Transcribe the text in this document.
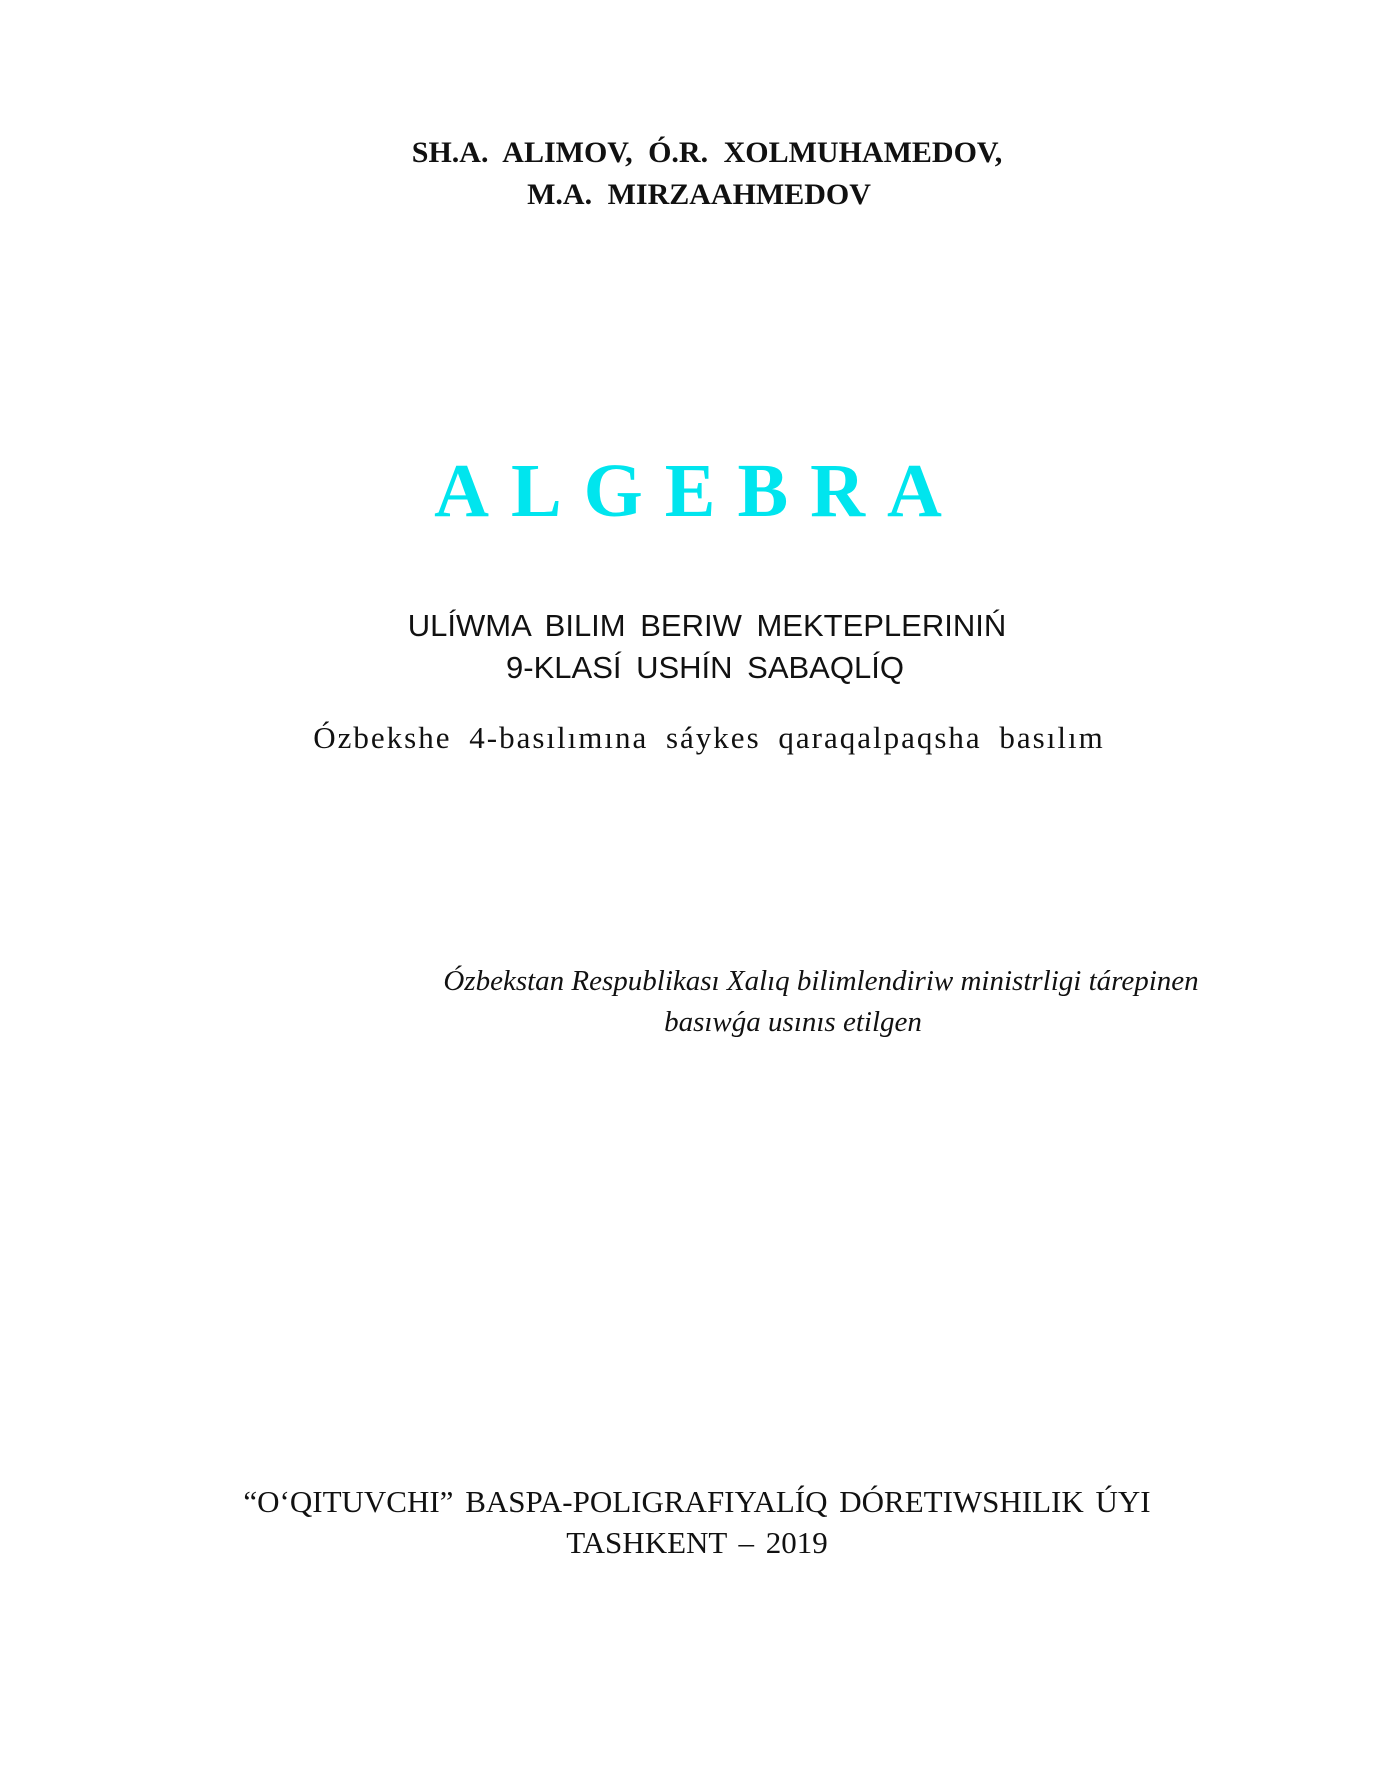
SH.A. ALIMOV, Ó.R. XOLMUHAMEDOV,
M.A. MIRZAAHMEDOV
ALGEBRA
ULÍWMA BILIM BERIW MEKTEPLERINIŃ
9-KLASÍ USHÍN SABAQLÍQ
Ózbekshe 4-basılımına sáykes qaraqalpaqsha basılım
Ózbekstan Respublikası Xalıq bilimlendiriw ministrligi tárepinen
basıwǵa usınıs etilgen
“O‘QITUVCHI” BASPA-POLIGRAFIYALÍQ DÓRETIWSHILIK ÚYI
TASHKENT – 2019
